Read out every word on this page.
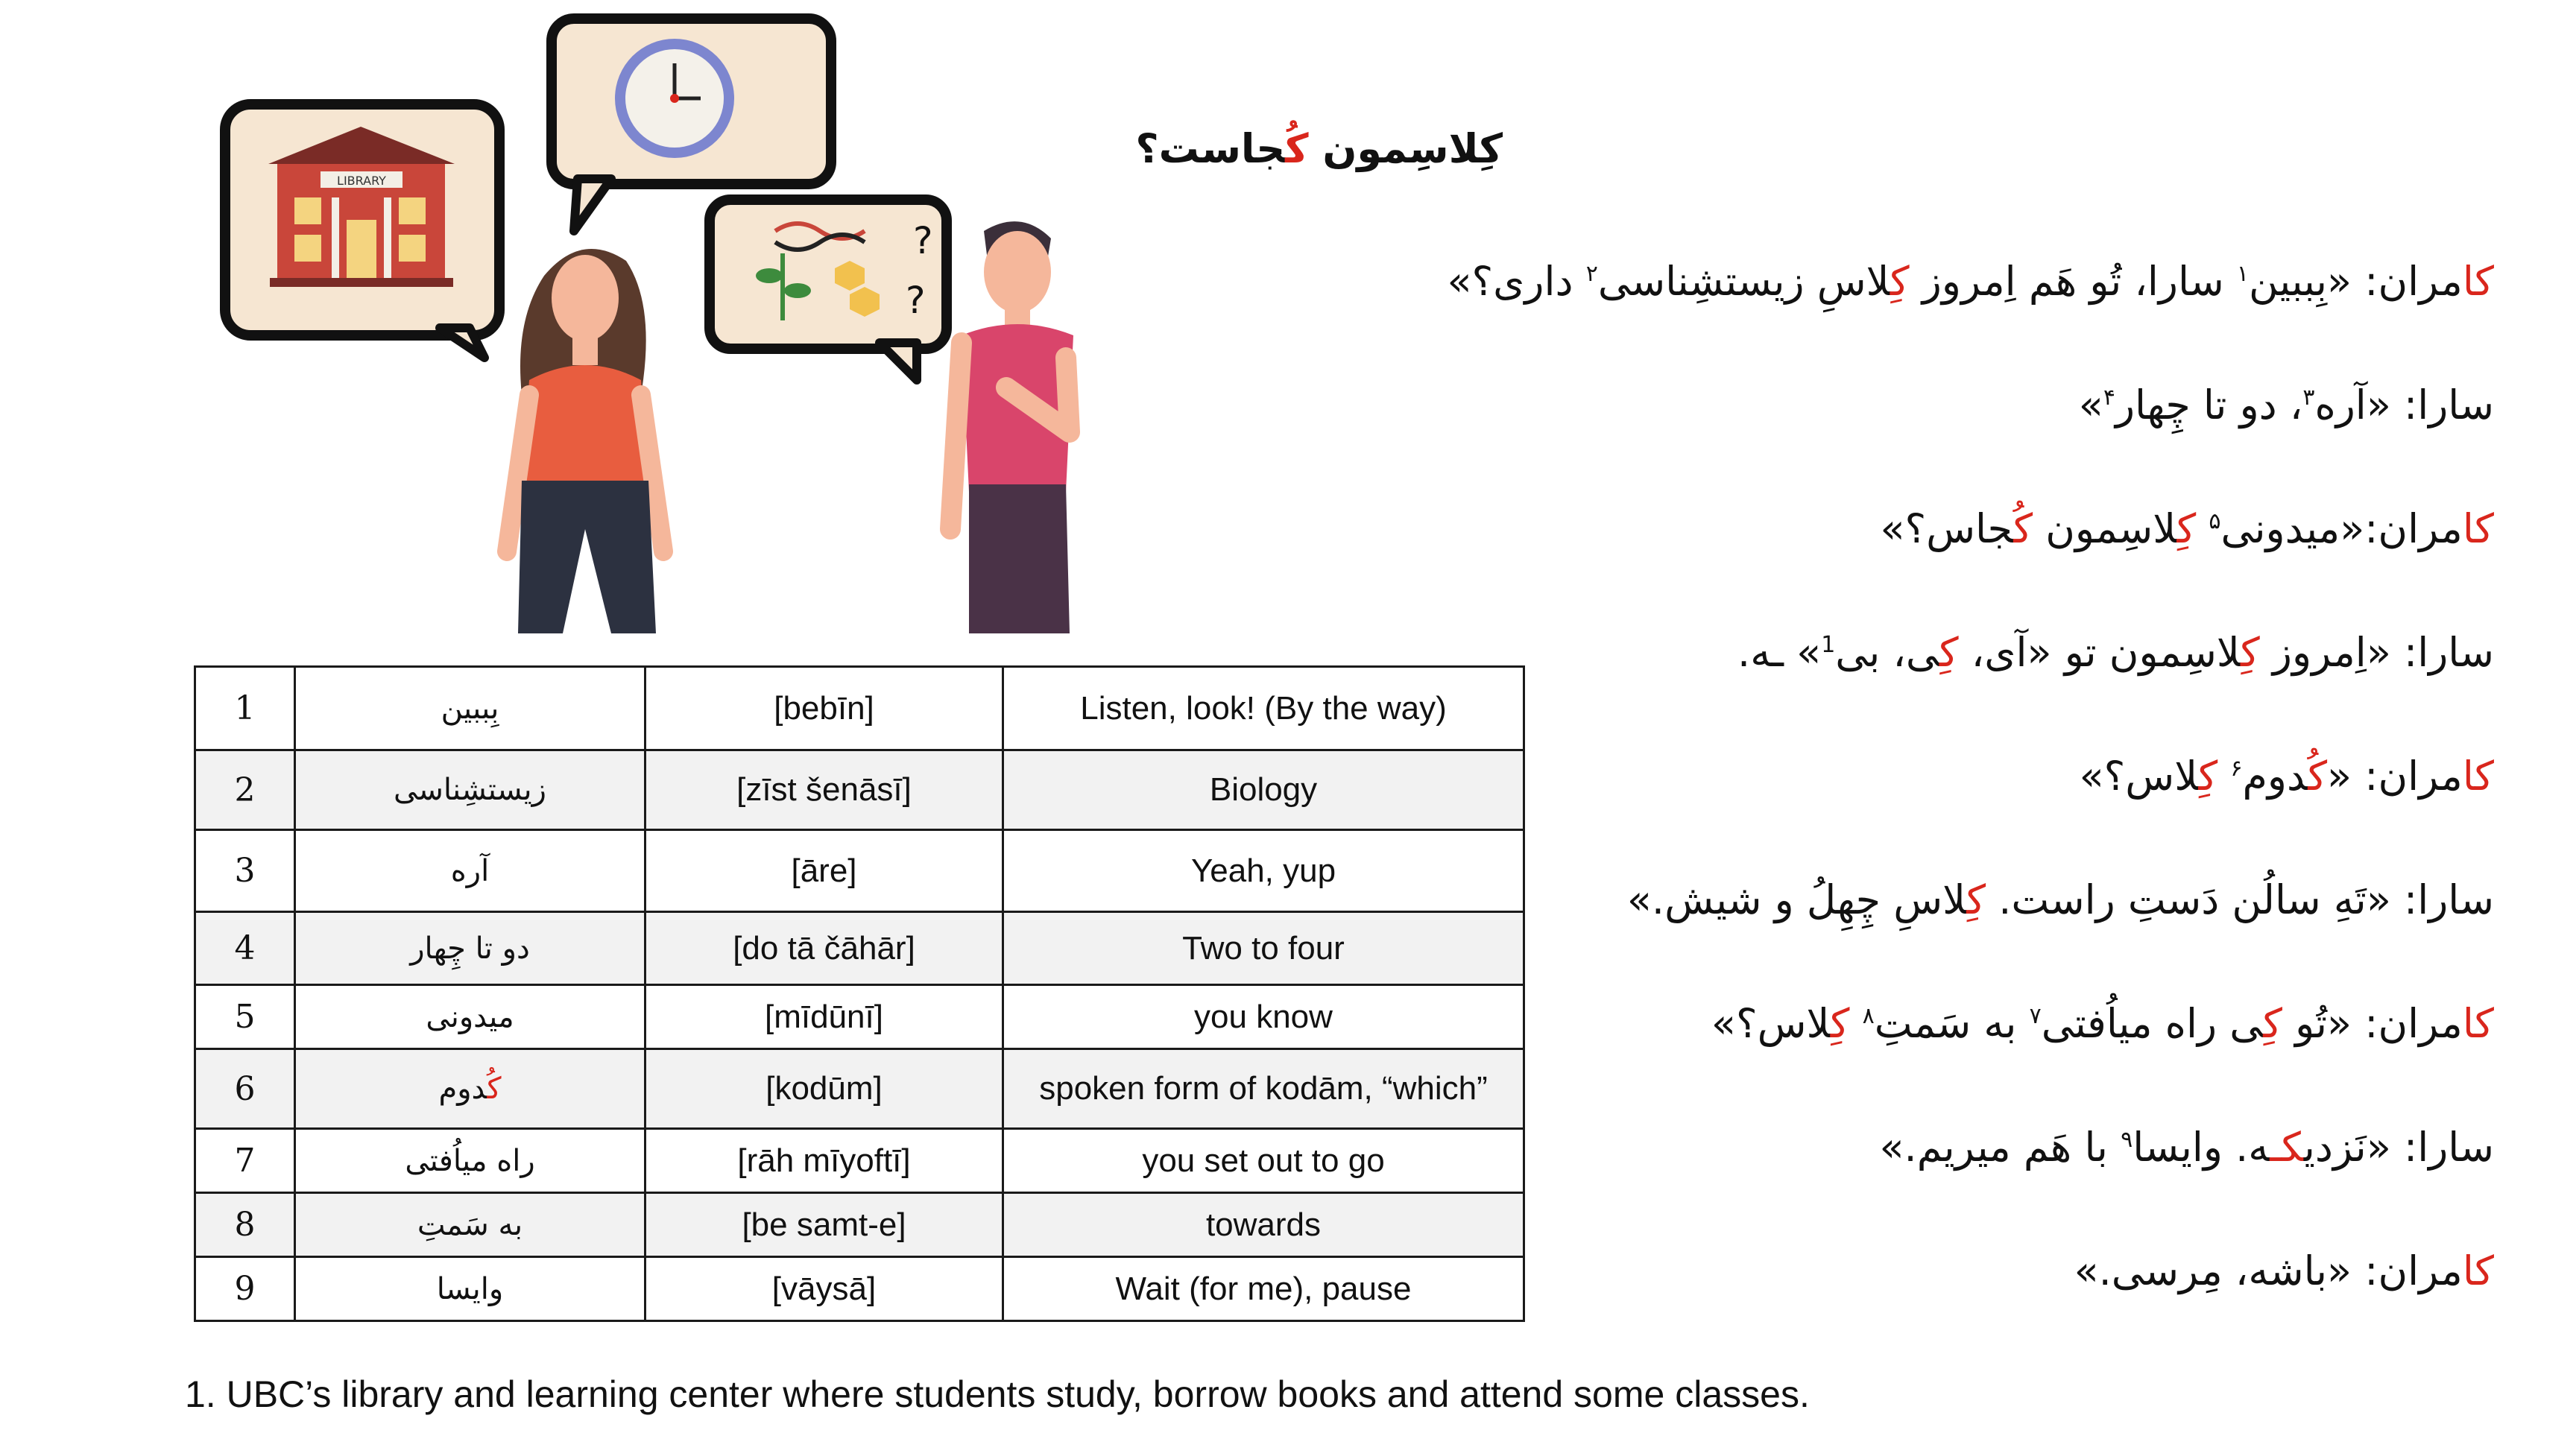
LIBRARY
?
?
کِلاسِمون کُجاست؟
کامران: «بِببین$^۱$ سارا، تُو هَم اِمروز کِلاسِ زیستشِناسی$^۲$ داری؟»
سارا: «آره$^۳$، دو تا چِهار$^۴$»
کامران:«میدونی$^۵$ کِلاسِمون کُجاس؟»
سارا: «اِمروز کِلاسِمون تو «آی، کِی، بی$^1$» ـه.
کامران: «کُدوم$^۶$ کِلاس؟»
سارا: «تَهِ سالُن دَستِ راست. کِلاسِ چِهِلُ و شیش.»
کامران: «تُو کِی راه میاُفتی$^۷$ به سَمتِ$^۸$ کِلاس؟»
سارا: «نَزدیکـه. وایسا$^۹$ با هَم میریم.»
کامران: «باشه، مِرسی.»
1	بِببین	[bebīn]	Listen, look! (By the way)
2	زیستشِناسی	[zīst šenāsī]	Biology
3	آره	[āre]	Yeah, yup
4	دو تا چِهار	[do tā čāhār]	Two to four
5	میدونی	[mīdūnī]	you know
6	کُدوم	[kodūm]	spoken form of kodām, “which”
7	راه میاُفتی	[rāh mīyoftī]	you set out to go
8	به سَمتِ	[be samt-e]	towards
9	وایسا	[vāysā]	Wait (for me), pause
1. UBC’s library and learning center where students study, borrow books and attend some classes.
